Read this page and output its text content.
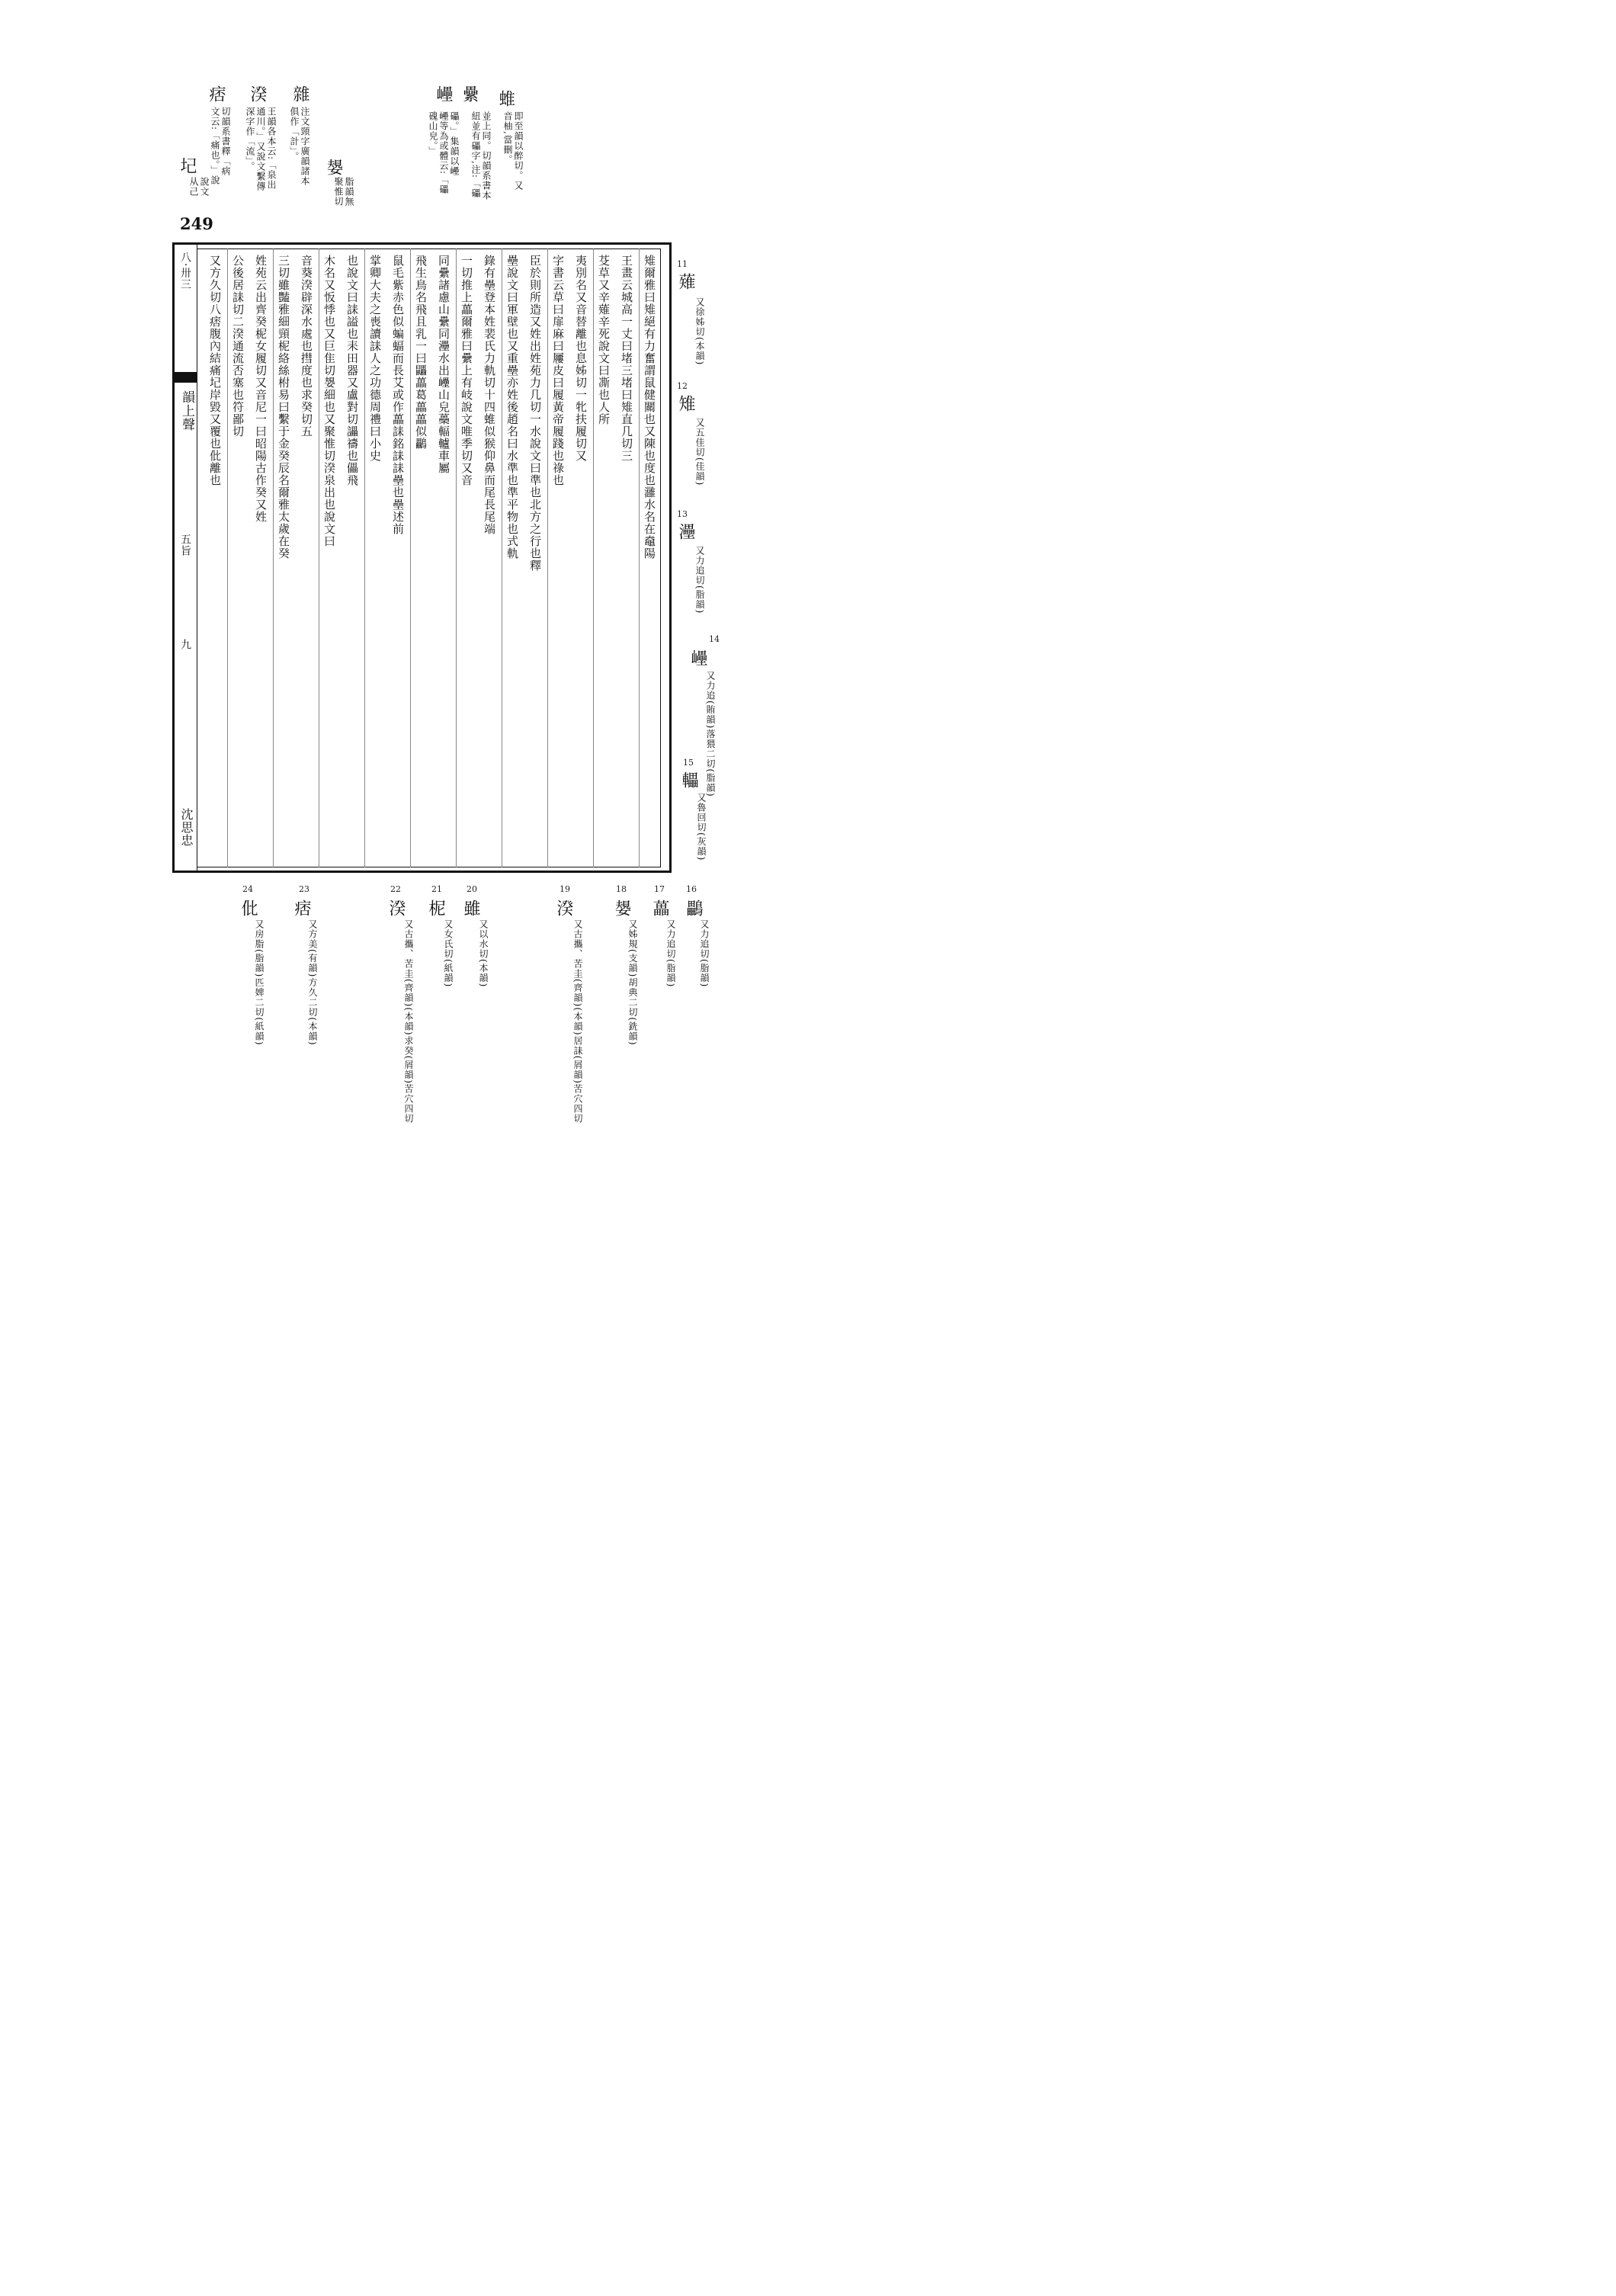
雜
注文頸字廣韻諸本
俱作「計」。
湀
王韻各本云:「泉出
通川。」又說文繫傳
深字作「流」。
痞
切韻系書釋「病
文云:「痛也。」說	嫢
脂韻無
聚惟切
圮
說文
从己
249
蜼
即至韻以醉切。又
音柚,當刪。
纍
並上同。切韻系書本
紐並有礧字,注:「礧
㠥
礧。」集韻以㠥
㠥等為或體云:「礧
磈山皃。」
八·卅三
韻上聲
五旨
九
沈思忠
雉爾雅曰雉絕有力奮謂鼠健關也又陳也度也灉水名在鼀陽
王畫云城高一丈曰堵三堵曰雉直几切三
芟草又辛薙辛死說文曰凘也人所
夷別名又音替離也息姊切一牝扶履切又
字書云草曰扉麻曰屨皮曰履黃帝履踐也祿也
臣於則所造又姓出姓苑力几切一水說文曰準也北方之行也釋
壘說文曰軍壁也又重壘亦姓後趙名曰水準也準平物也式軌
錄有壘登本姓裴氏力軌切十四蜼似猴仰鼻而尾長尾端
一切推上藟爾雅曰纍上有岐說文唯季切又音
同纍諸慮山纍同灅水出㠥山皃蘽輻轤車屬
飛生鳥名飛且乳一曰鼺藟葛藟藟似鸓
鼠毛紫赤色似蝙蝠而長艾或作藟誄銘誄誄壘也壘述前
掌卿大夫之喪讀誄人之功德周禮曰小史
也說文曰誄謚也耒田器又盧對切讄禱也儡飛
木名又㤆悸也又巨隹切嫢細也又聚惟切湀泉出也說文曰
音葵湀辟深水處也㨹度也求癸切五
三切雖豔雅細頸柅絡絲柎易曰繫于金癸辰名爾雅太歲在癸
姓苑云出齊癸柅女履切又音尼一曰昭陽古作癸又姓
公後居誄切二湀通流否塞也符鄙切
又方久切八痞腹內結痛圮岸毀又覆也仳離也	11
薙
又徐姊切(本韻)
12
雉
又五佳切(佳韻)
13
灅
又力追切(脂韻)
14
㠥
又力追(賄韻)落猥二切(脂韻)
15
轠
又魯回切(灰韻)
16
鸓
又力追切(脂韻)
17
藟
又力追切(脂韻)
18
嫢
又姊規(支韻)胡典二切(銑韻)
19
湀
又古攜、苦圭(齊韻)(本韻)居誄(屑韻)苦穴四切
20
雖
又以水切(本韻)
21
柅
又女氏切(紙韻)
22
湀
又古攜、苦圭(齊韻)(本韻)求癸(屑韻)苦穴四切
23
痞
又方美(有韻)方久二切(本韻)
24
仳
又房脂(脂韻)匹婢二切(紙韻)
